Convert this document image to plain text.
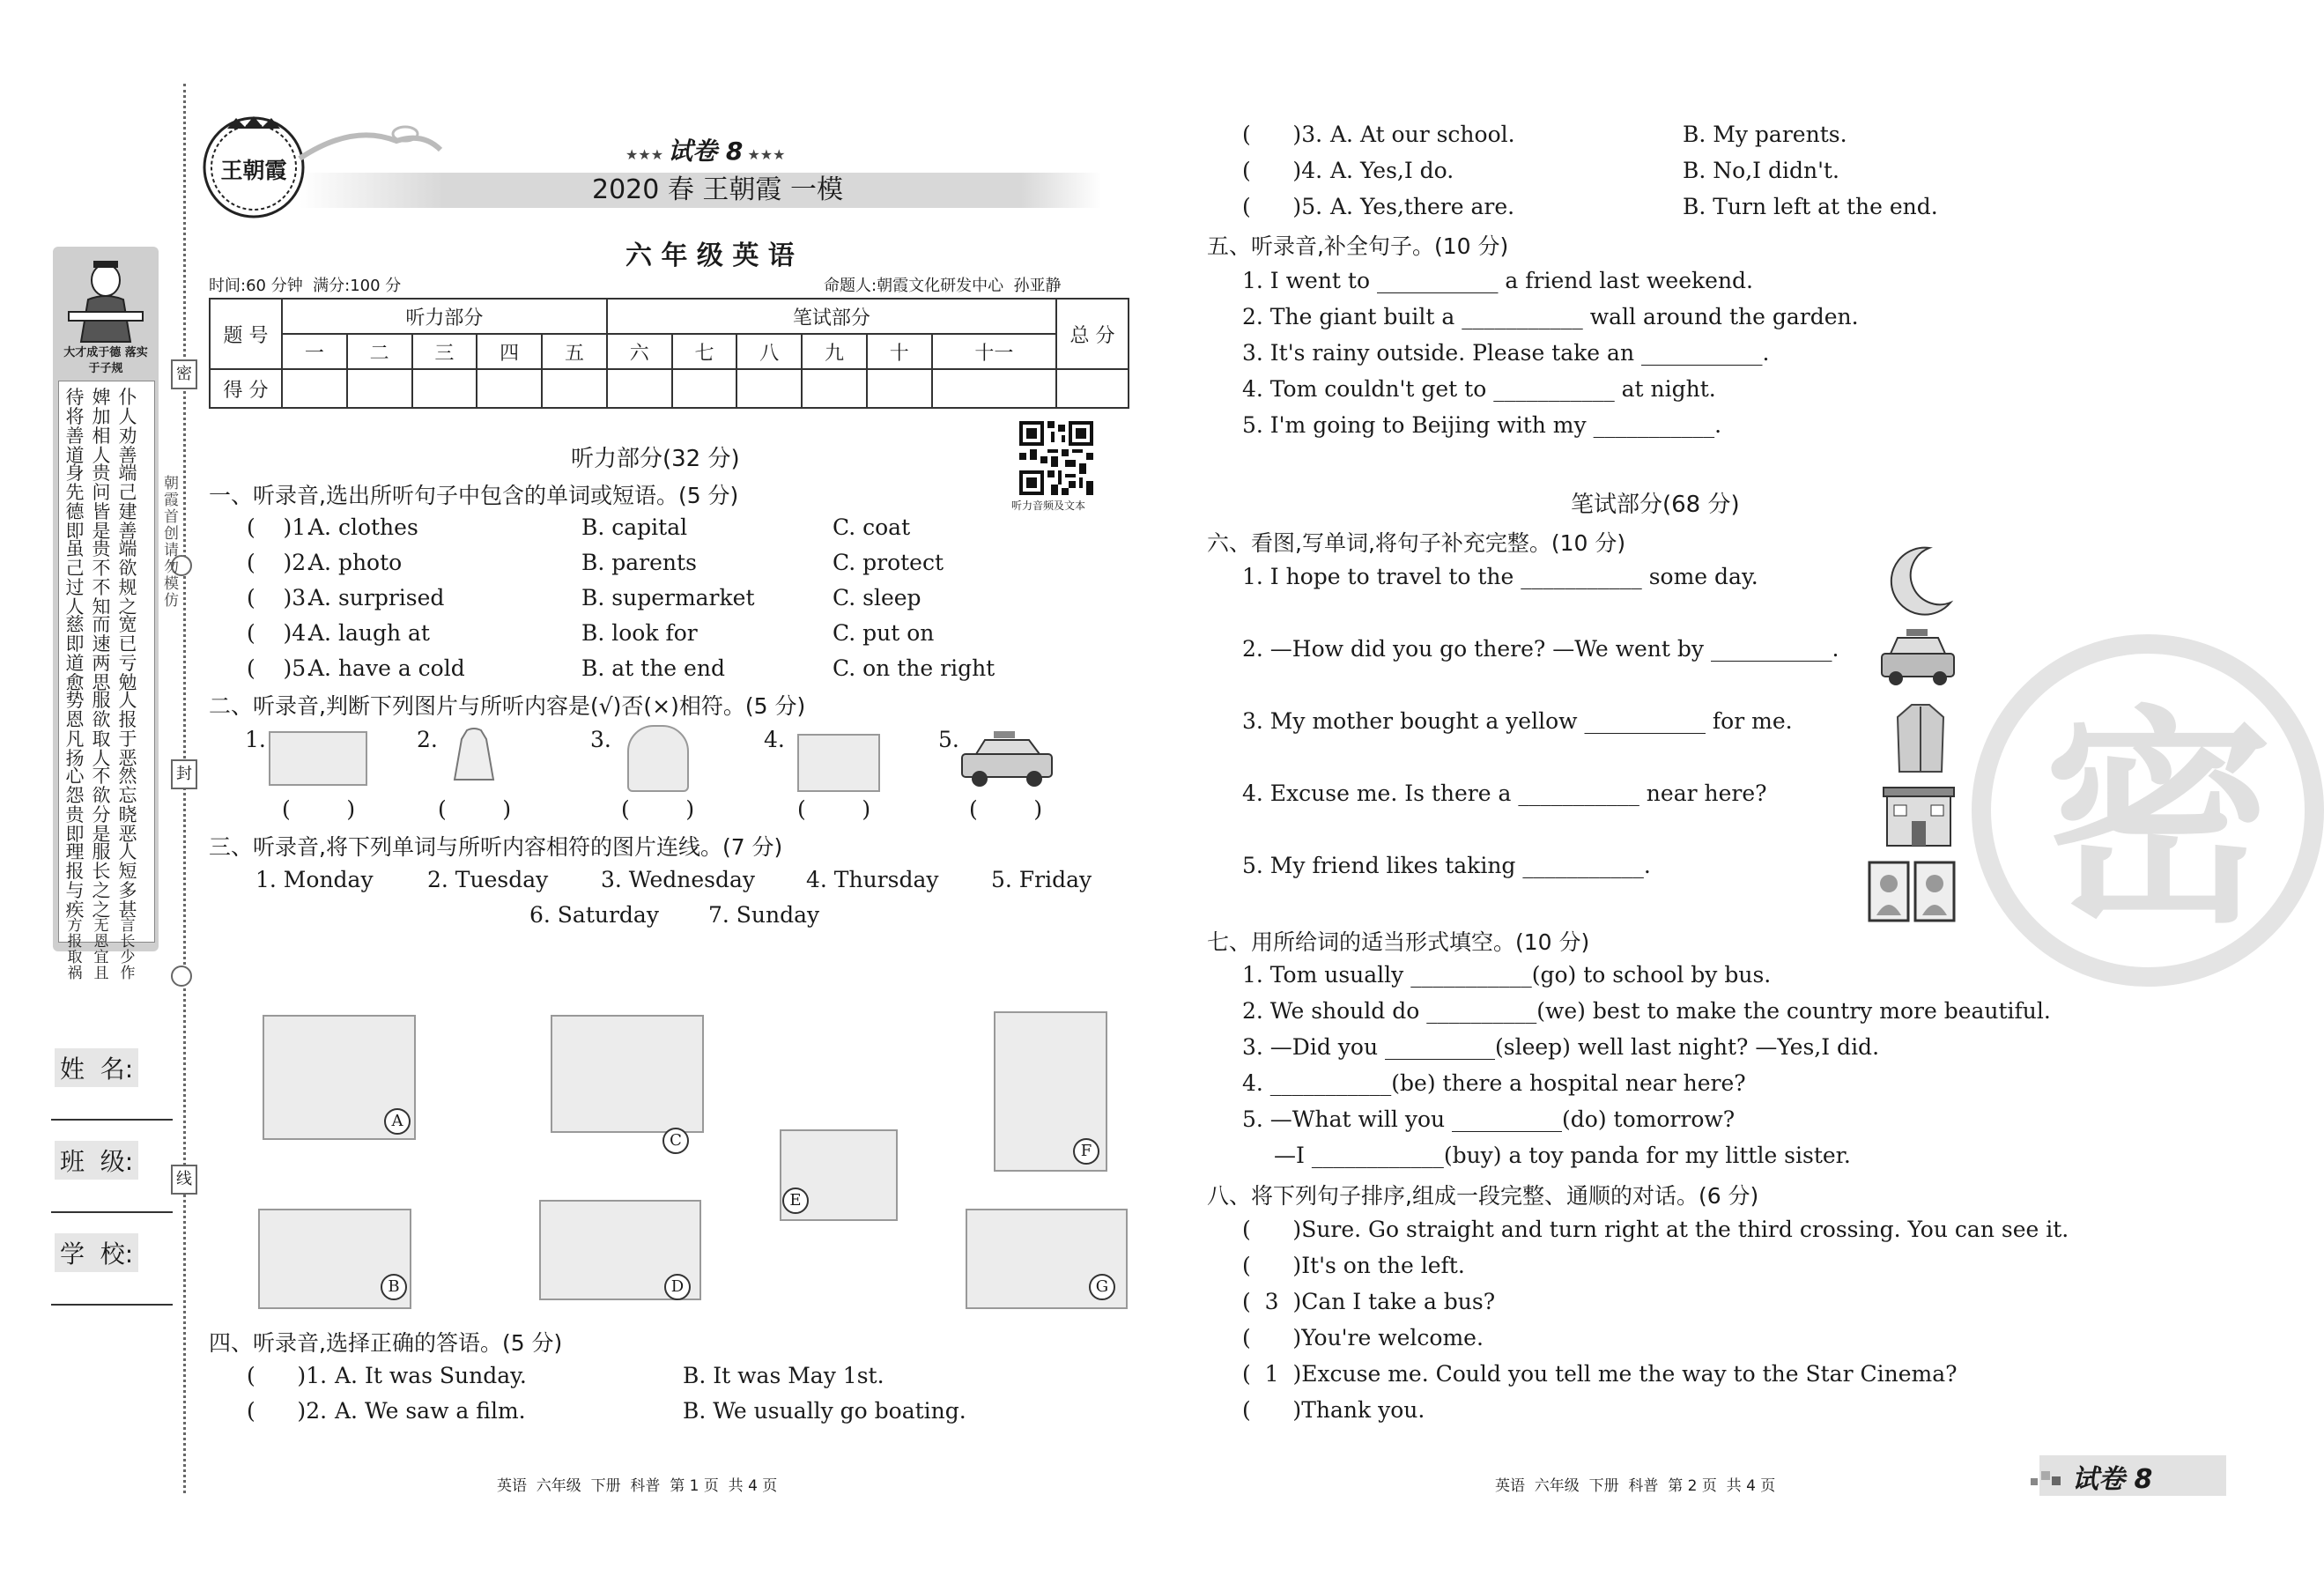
密
封
线
朝霞首创 请勿模仿
大才成于德 落实于子规
待将善道
婢加相人
仆人劝善
身先德即
贵问皆是
端己建善
虽己过人
贵不不知
端欲规之
慈即道愈
而速两思
宽已亏勉
势恩凡扬
服欲取人
人报于恶
心怨贵即
不欲分是
然忘晓恶
理报与疾
服长之之
人短多甚
方报取祸
无恩宜且
言长少作
姓  名:
班  级:
学  校:
王朝霞
★★★ 试卷 8 ★★★
2020 春 王朝霞 一模
六 年 级 英 语
时间:60 分钟  满分:100 分	命题人:朝霞文化研发中心  孙亚静
题 号	听力部分					笔试部分						总 分
	一	二	三	四	五	六	七	八	九	十	十一	
得 分												
听力音频及文本
听力部分(32 分)
一、听录音,选出所听句子中包含的单词或短语。(5 分)
(    )1.
A. clothes	B. capital	C. coat
(    )2.
A. photo	B. parents	C. protect
(    )3.
A. surprised	B. supermarket	C. sleep
(    )4.
A. laugh at	B. look for	C. put on
(    )5.
A. have a cold	B. at the end	C. on the right
二、听录音,判断下列图片与所听内容是(√)否(×)相符。(5 分)
1.
(        )
2.
(        )
3.
(        )
4.
(        )
5.
(        )
三、听录音,将下列单词与所听内容相符的图片连线。(7 分)
1. Monday 2. Tuesday 3. Wednesday 4. Thursday 5. Friday
6. Saturday 7. Sunday
A
B
C
D
E
F
G
四、听录音,选择正确的答语。(5 分)
(      )1. A. It was Sunday.	B. It was May 1st.
(      )2. A. We saw a film.	B. We usually go boating.
(      )3. A. At our school.	B. My parents.
(      )4. A. Yes,I do.	B. No,I didn't.
(      )5. A. Yes,there are.	B. Turn left at the end.
五、听录音,补全句子。(10 分)
1. I went to ___________ a friend last weekend.
2. The giant built a ___________ wall around the garden.
3. It's rainy outside. Please take an ___________.
4. Tom couldn't get to ___________ at night.
5. I'm going to Beijing with my ___________.
笔试部分(68 分)
六、看图,写单词,将句子补充完整。(10 分)
1. I hope to travel to the ___________ some day.
2. —How did you go there? —We went by ___________.
3. My mother bought a yellow ___________ for me.
4. Excuse me. Is there a ___________ near here?
5. My friend likes taking ___________.
七、用所给词的适当形式填空。(10 分)
1. Tom usually ___________(go) to school by bus.
2. We should do __________(we) best to make the country more beautiful.
3. —Did you __________(sleep) well last night? —Yes,I did.
4. ___________(be) there a hospital near here?
5. —What will you __________(do) tomorrow?
—I ____________(buy) a toy panda for my little sister.
八、将下列句子排序,组成一段完整、通顺的对话。(6 分)
(      )Sure. Go straight and turn right at the third crossing. You can see it.
(      )It's on the left.
(  3  )Can I take a bus?
(      )You're welcome.
(  1  )Excuse me. Could you tell me the way to the Star Cinema?
(      )Thank you.
密
英语  六年级  下册  科普  第 1 页  共 4 页	英语  六年级  下册  科普  第 2 页  共 4 页	试卷 8
